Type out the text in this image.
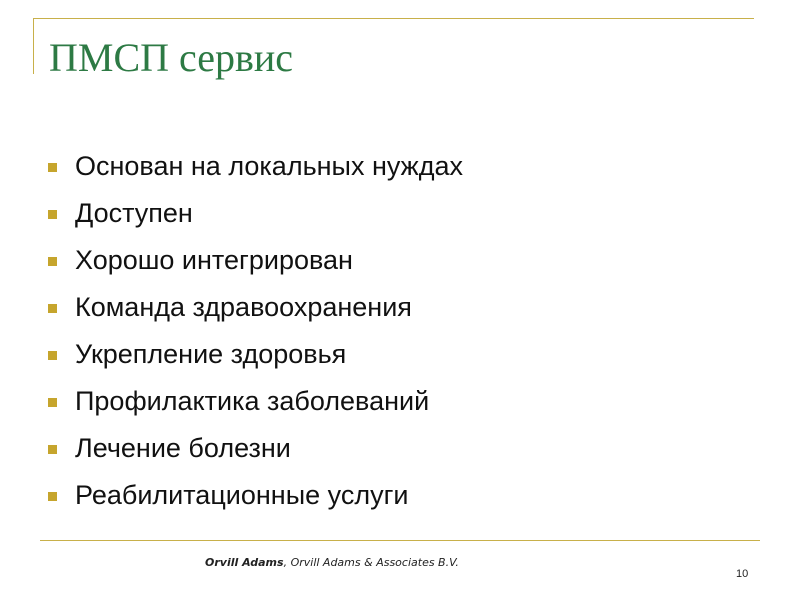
ПМСП сервис
Основан на локальных нуждах
Доступен
Хорошо интегрирован
Команда здравоохранения
Укрепление здоровья
Профилактика заболеваний
Лечение болезни
Реабилитационные услуги
Orvill Adams, Orvill Adams & Associates B.V.
10
